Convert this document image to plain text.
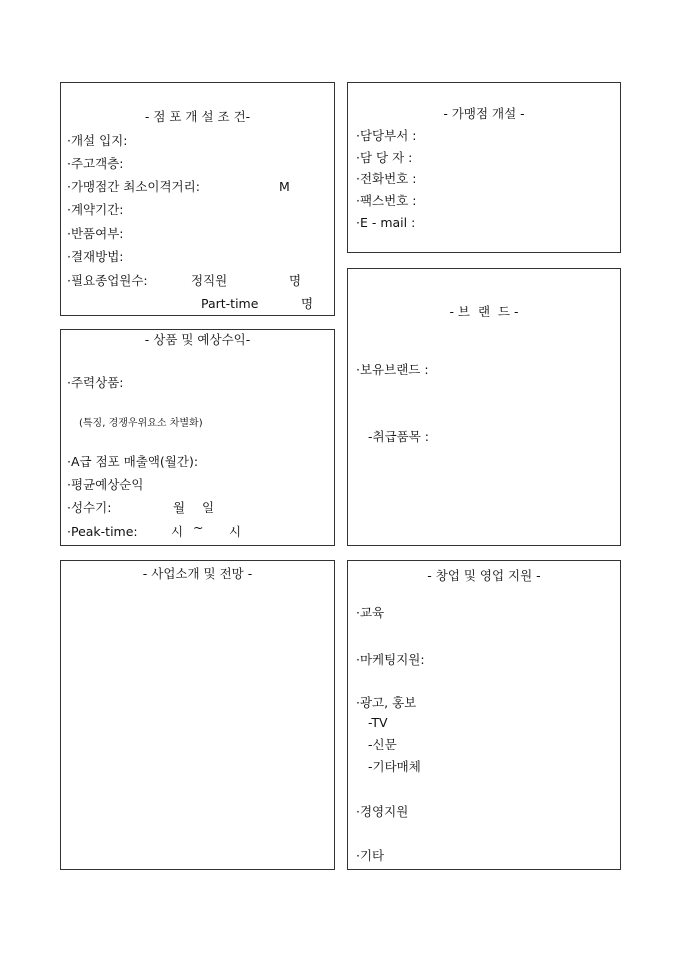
- 점 포 개 설 조 건-
·개설 입지:
·주고객층:
·가맹점간 최소이격거리:	M
·계약기간:
·반품여부:
·결재방법:
·필요종업원수:	정직원	명
Part-time	명
- 가맹점 개설 -
·담당부서 :
·담 당 자 :
·전화번호 :
·팩스번호 :
·E - mail :
- 브  랜  드 -
·보유브랜드 :
-취급품목 :
- 상품 및 예상수익-
·주력상품:
(특징, 경쟁우위요소 차별화)
·A급 점포 매출액(월간):
·평균예상순익
·성수기:	월 일
·Peak-time:	시 ~ 시
- 사업소개 및 전망 -	- 창업 및 영업 지원 -
·교육
·마케팅지원:
·광고, 홍보
-TV
-신문
-기타매체
·경영지원
·기타
